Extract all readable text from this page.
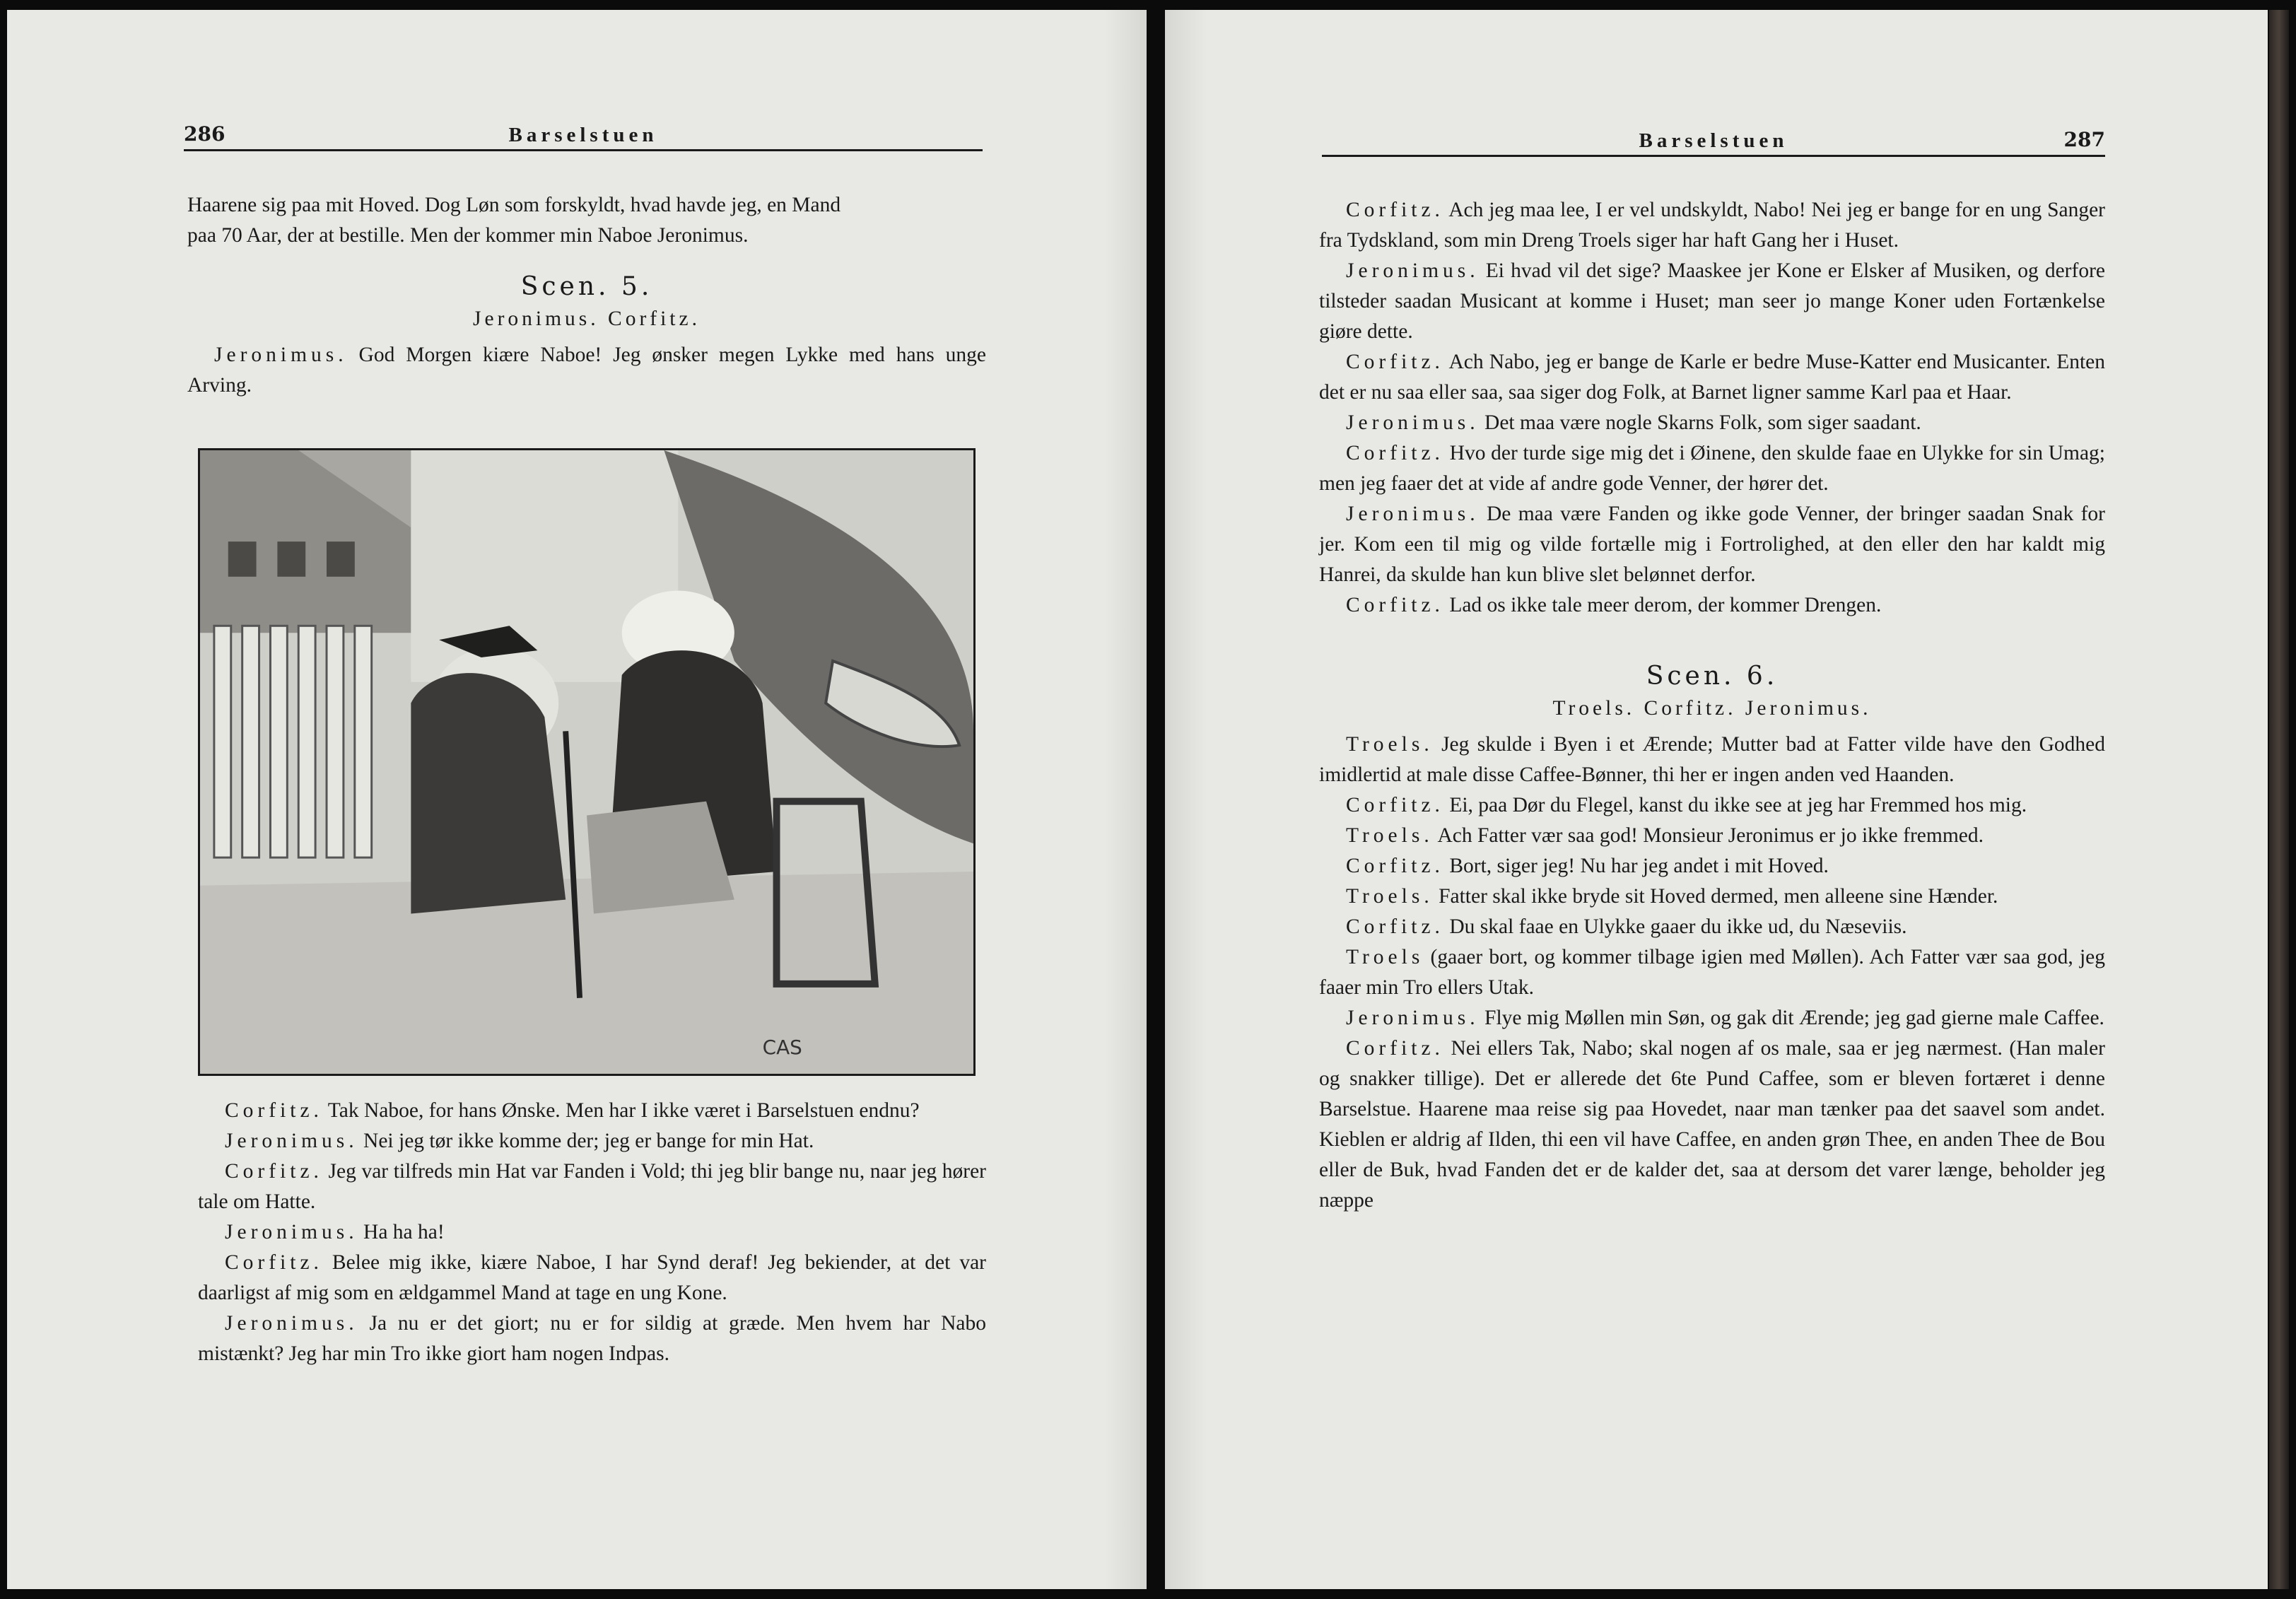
286	Barselstuen

Haarene sig paa mit Hoved. Dog Løn som forskyldt, hvad havde jeg, en Mand

paa 70 Aar, der at bestille. Men der kommer min Naboe Jeronimus.

Scen. 5.

Jeronimus. Corfitz.

Jeronimus. God Morgen kiære Naboe! Jeg ønsker megen Lykke med hans unge Arving.

CAS

Corfitz. Tak Naboe, for hans Ønske. Men har I ikke været i Barselstuen endnu?

Jeronimus. Nei jeg tør ikke komme der; jeg er bange for min Hat.

Corfitz. Jeg var tilfreds min Hat var Fanden i Vold; thi jeg blir bange nu, naar jeg hører tale om Hatte.

Jeronimus. Ha ha ha!

Corfitz. Belee mig ikke, kiære Naboe, I har Synd deraf! Jeg bekiender, at det var daarligst af mig som en ældgammel Mand at tage en ung Kone.

Jeronimus. Ja nu er det giort; nu er for sildig at græde. Men hvem har Nabo mistænkt? Jeg har min Tro ikke giort ham nogen Indpas.

Barselstuen	287

Corfitz. Ach jeg maa lee, I er vel undskyldt, Nabo! Nei jeg er bange for en ung Sanger fra Tydskland, som min Dreng Troels siger har haft Gang her i Huset.

Jeronimus. Ei hvad vil det sige? Maaskee jer Kone er Elsker af Musiken, og derfore tilsteder saadan Musicant at komme i Huset; man seer jo mange Koner uden Fortænkelse giøre dette.

Corfitz. Ach Nabo, jeg er bange de Karle er bedre Muse-Katter end Musicanter. Enten det er nu saa eller saa, saa siger dog Folk, at Barnet ligner samme Karl paa et Haar.

Jeronimus. Det maa være nogle Skarns Folk, som siger saadant.

Corfitz. Hvo der turde sige mig det i Øinene, den skulde faae en Ulykke for sin Umag; men jeg faaer det at vide af andre gode Venner, der hører det.

Jeronimus. De maa være Fanden og ikke gode Venner, der bringer saadan Snak for jer. Kom een til mig og vilde fortælle mig i Fortrolighed, at den eller den har kaldt mig Hanrei, da skulde han kun blive slet belønnet derfor.

Corfitz. Lad os ikke tale meer derom, der kommer Drengen.

Scen. 6.

Troels. Corfitz. Jeronimus.

Troels. Jeg skulde i Byen i et Ærende; Mutter bad at Fatter vilde have den Godhed imidlertid at male disse Caffee-Bønner, thi her er ingen anden ved Haanden.

Corfitz. Ei, paa Dør du Flegel, kanst du ikke see at jeg har Fremmed hos mig.

Troels. Ach Fatter vær saa god! Monsieur Jeronimus er jo ikke fremmed.

Corfitz. Bort, siger jeg! Nu har jeg andet i mit Hoved.

Troels. Fatter skal ikke bryde sit Hoved dermed, men alleene sine Hænder.

Corfitz. Du skal faae en Ulykke gaaer du ikke ud, du Næseviis.

Troels (gaaer bort, og kommer tilbage igien med Møllen). Ach Fatter vær saa god, jeg faaer min Tro ellers Utak.

Jeronimus. Flye mig Møllen min Søn, og gak dit Ærende; jeg gad gierne male Caffee.

Corfitz. Nei ellers Tak, Nabo; skal nogen af os male, saa er jeg nærmest. (Han maler og snakker tillige). Det er allerede det 6te Pund Caffee, som er bleven fortæret i denne Barselstue. Haarene maa reise sig paa Hovedet, naar man tænker paa det saavel som andet. Kieblen er aldrig af Ilden, thi een vil have Caffee, en anden grøn Thee, en anden Thee de Bou eller de Buk, hvad Fanden det er de kalder det, saa at dersom det varer længe, beholder jeg næppe
